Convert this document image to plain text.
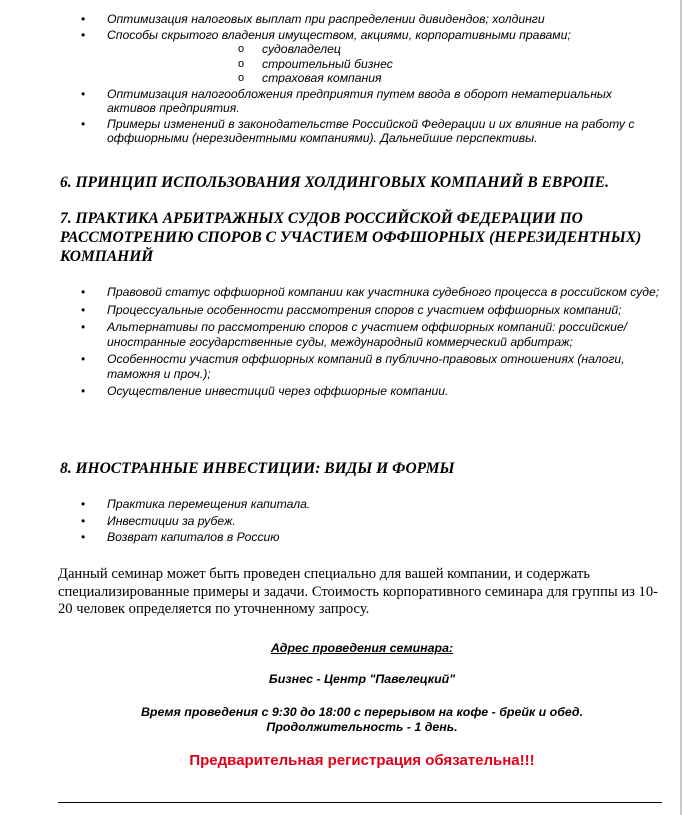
• Оптимизация налоговых выплат при распределении дивидендов; холдинги
• Способы скрытого владения имуществом, акциями, корпоративными правами;
o судовладелец
o строительный бизнес
o страховая компания
• Оптимизация налогообложения предприятия путем ввода в оборот нематериальных активов предприятия.
• Примеры изменений в законодательстве Российской Федерации и их влияние на работу с оффшорными (нерезидентными компаниями). Дальнейшие перспективы.
6. ПРИНЦИП ИСПОЛЬЗОВАНИЯ ХОЛДИНГОВЫХ КОМПАНИЙ В ЕВРОПЕ.
7. ПРАКТИКА АРБИТРАЖНЫХ СУДОВ РОССИЙСКОЙ ФЕДЕРАЦИИ ПО РАССМОТРЕНИЮ СПОРОВ С УЧАСТИЕМ ОФФШОРНЫХ (НЕРЕЗИДЕНТНЫХ) КОМПАНИЙ
• Правовой статус оффшорной компании как участника судебного процесса в российском суде;
• Процессуальные особенности рассмотрения споров с участием оффшорных компаний;
• Альтернативы по рассмотрению споров с участием оффшорных компаний: российские/иностранные государственные суды, международный коммерческий арбитраж;
• Особенности участия оффшорных компаний в публично-правовых отношениях (налоги, таможня и проч.);
• Осуществление инвестиций через оффшорные компании.
8. ИНОСТРАННЫЕ ИНВЕСТИЦИИ: ВИДЫ И ФОРМЫ
• Практика перемещения капитала.
• Инвестиции за рубеж.
• Возврат капиталов в Россию

Данный семинар может быть проведен специально для вашей компании, и содержать специализированные примеры и задачи. Стоимость корпоративного семинара для группы из 10-20 человек определяется по уточненному запросу.

Адрес проведения семинара:

Бизнес - Центр "Павелецкий"

Время проведения с 9:30 до 18:00 с перерывом на кофе - брейк и обед.

Продолжительность - 1 день.

Предварительная регистрация обязательна!!!
